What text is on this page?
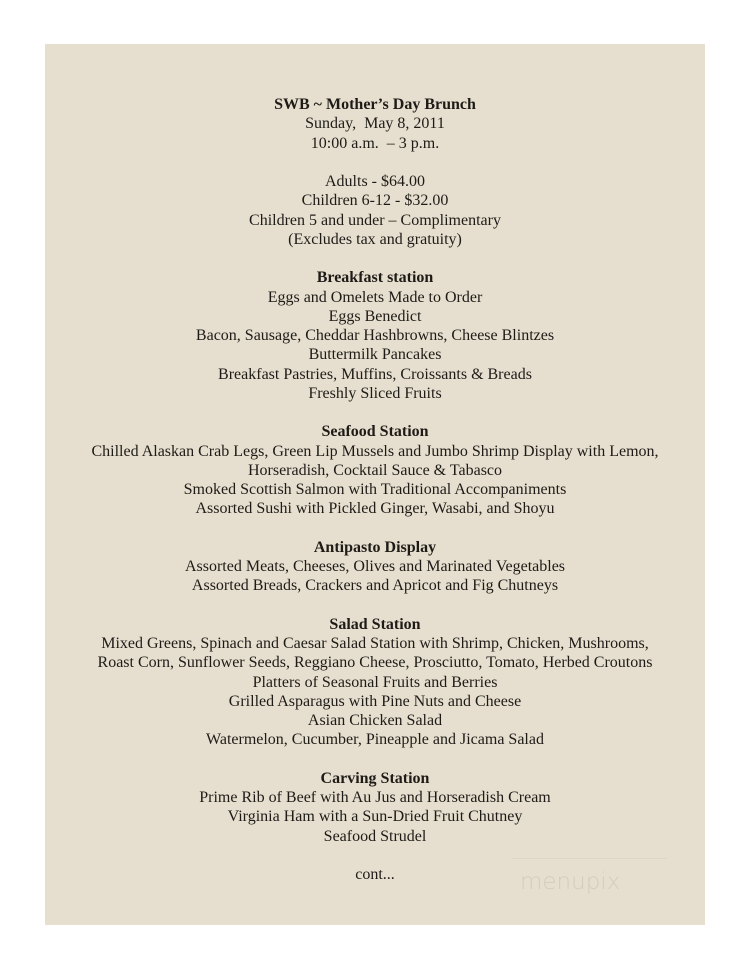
SWB ~ Mother’s Day Brunch
Sunday,  May 8, 2011
10:00 a.m.  – 3 p.m.
Adults - $64.00
Children 6-12 - $32.00
Children 5 and under – Complimentary
(Excludes tax and gratuity)
Breakfast station
Eggs and Omelets Made to Order
Eggs Benedict
Bacon, Sausage, Cheddar Hashbrowns, Cheese Blintzes
Buttermilk Pancakes
Breakfast Pastries, Muffins, Croissants & Breads
Freshly Sliced Fruits
Seafood Station
Chilled Alaskan Crab Legs, Green Lip Mussels and Jumbo Shrimp Display with Lemon,
Horseradish, Cocktail Sauce & Tabasco
Smoked Scottish Salmon with Traditional Accompaniments
Assorted Sushi with Pickled Ginger, Wasabi, and Shoyu
Antipasto Display
Assorted Meats, Cheeses, Olives and Marinated Vegetables
Assorted Breads, Crackers and Apricot and Fig Chutneys
Salad Station
Mixed Greens, Spinach and Caesar Salad Station with Shrimp, Chicken, Mushrooms,
Roast Corn, Sunflower Seeds, Reggiano Cheese, Prosciutto, Tomato, Herbed Croutons
Platters of Seasonal Fruits and Berries
Grilled Asparagus with Pine Nuts and Cheese
Asian Chicken Salad
Watermelon, Cucumber, Pineapple and Jicama Salad
Carving Station
Prime Rib of Beef with Au Jus and Horseradish Cream
Virginia Ham with a Sun-Dried Fruit Chutney
Seafood Strudel
cont...	menupix
